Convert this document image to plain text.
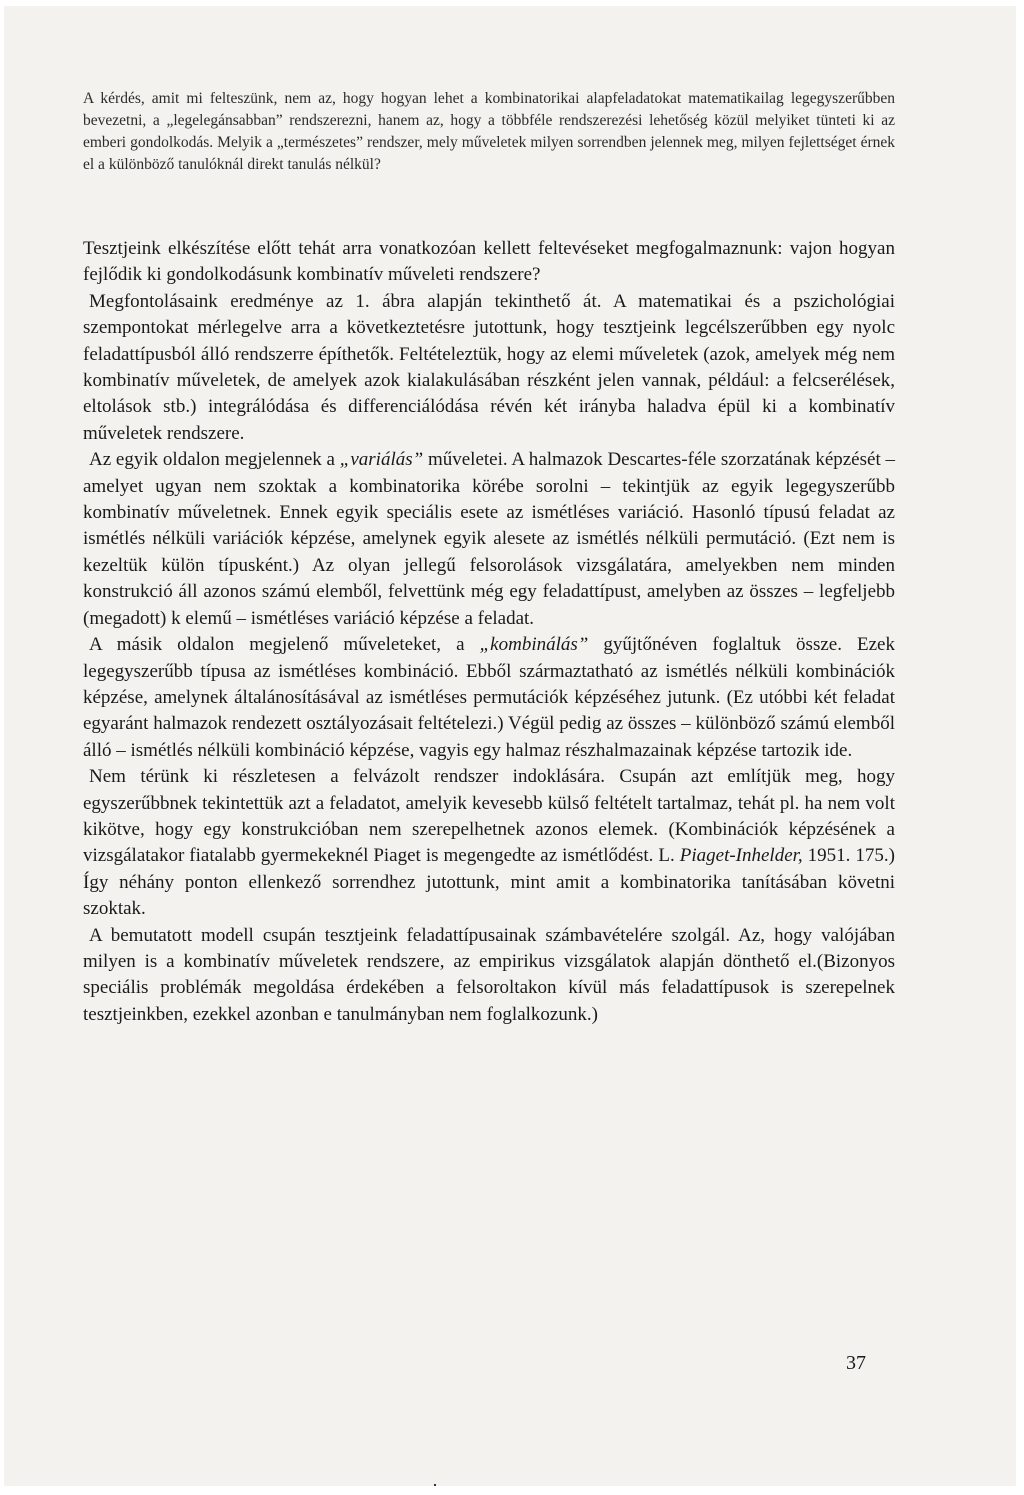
A kérdés, amit mi felteszünk, nem az, hogy hogyan lehet a kombinatorikai alapfeladatokat matematikailag legegyszerűbben bevezetni, a „legelegánsabban” rendszerezni, hanem az, hogy a többféle rendszerezési lehetőség közül melyiket tünteti ki az emberi gondolkodás. Melyik a „természetes” rendszer, mely műveletek milyen sorrendben jelennek meg, milyen fejlettséget érnek el a különböző tanulóknál direkt tanulás nélkül?

Tesztjeink elkészítése előtt tehát arra vonatkozóan kellett feltevéseket megfogalmaznunk: vajon hogyan fejlődik ki gondolkodásunk kombinatív műveleti rendszere?

Megfontolásaink eredménye az 1. ábra alapján tekinthető át. A matematikai és a pszichológiai szempontokat mérlegelve arra a következtetésre jutottunk, hogy tesztjeink legcélszerűbben egy nyolc feladattípusból álló rendszerre építhetők. Feltételeztük, hogy az elemi műveletek (azok, amelyek még nem kombinatív műveletek, de amelyek azok kialakulásában részként jelen vannak, például: a felcserélések, eltolások stb.) integrálódása és differenciálódása révén két irányba haladva épül ki a kombinatív műveletek rendszere.

Az egyik oldalon megjelennek a „variálás” műveletei. A halmazok Descartes-féle szorzatának képzését – amelyet ugyan nem szoktak a kombinatorika körébe sorolni – tekintjük az egyik legegyszerűbb kombinatív műveletnek. Ennek egyik speciális esete az ismétléses variáció. Hasonló típusú feladat az ismétlés nélküli variációk képzése, amelynek egyik alesete az ismétlés nélküli permutáció. (Ezt nem is kezeltük külön típusként.) Az olyan jellegű felsorolások vizsgálatára, amelyekben nem minden konstrukció áll azonos számú elemből, felvettünk még egy feladattípust, amelyben az összes – legfeljebb (megadott) k elemű – ismétléses variáció képzése a feladat.

A másik oldalon megjelenő műveleteket, a „kombinálás” gyűjtőnéven foglaltuk össze. Ezek legegyszerűbb típusa az ismétléses kombináció. Ebből származtatható az ismétlés nélküli kombinációk képzése, amelynek általánosításával az ismétléses permutációk képzéséhez jutunk. (Ez utóbbi két feladat egyaránt halmazok rendezett osztályozásait feltételezi.) Végül pedig az összes – különböző számú elemből álló – ismétlés nélküli kombináció képzése, vagyis egy halmaz részhalmazainak képzése tartozik ide.

Nem térünk ki részletesen a felvázolt rendszer indoklására. Csupán azt említjük meg, hogy egyszerűbbnek tekintettük azt a feladatot, amelyik kevesebb külső feltételt tartalmaz, tehát pl. ha nem volt kikötve, hogy egy konstrukcióban nem szerepelhetnek azonos elemek. (Kombinációk képzésének a vizsgálatakor fiatalabb gyermekeknél Piaget is megengedte az ismétlődést. L. Piaget-Inhelder, 1951. 175.) Így néhány ponton ellenkező sorrendhez jutottunk, mint amit a kombinatorika tanításában követni szoktak.

A bemutatott modell csupán tesztjeink feladattípusainak számbavételére szolgál. Az, hogy valójában milyen is a kombinatív műveletek rendszere, az empirikus vizsgálatok alapján dönthető el.(Bizonyos speciális problémák megoldása érdekében a felsoroltakon kívül más feladattípusok is szerepelnek tesztjeinkben, ezekkel azonban e tanulmányban nem foglalkozunk.)

37
